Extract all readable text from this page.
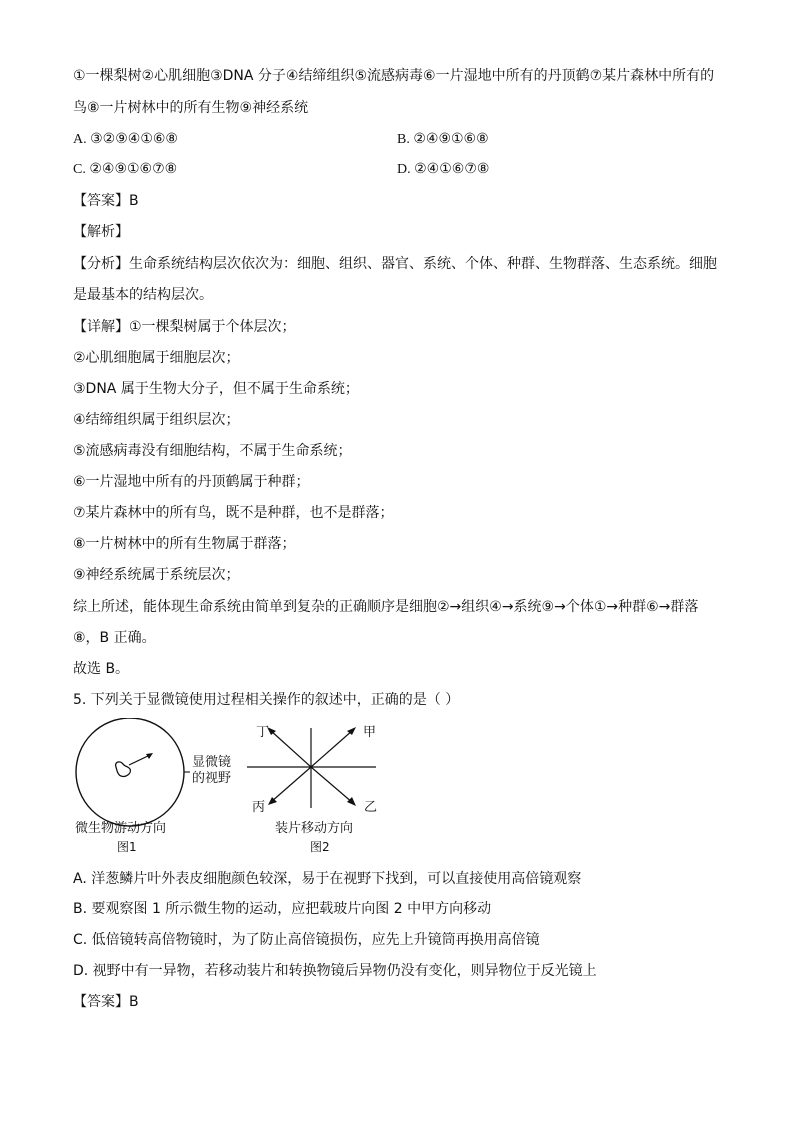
①一棵梨树②心肌细胞③DNA 分子④结缔组织⑤流感病毒⑥一片湿地中所有的丹顶鹤⑦某片森林中所有的
鸟⑧一片树林中的所有生物⑨神经系统
A. ③②⑨④①⑥⑧	B. ②④⑨①⑥⑧
C. ②④⑨①⑥⑦⑧	D. ②④①⑥⑦⑧
【答案】B
【解析】
【分析】生命系统结构层次依次为：细胞、组织、器官、系统、个体、种群、生物群落、生态系统。细胞
是最基本的结构层次。
【详解】①一棵梨树属于个体层次；
②心肌细胞属于细胞层次；
③DNA 属于生物大分子，但不属于生命系统；
④结缔组织属于组织层次；
⑤流感病毒没有细胞结构，不属于生命系统；
⑥一片湿地中所有的丹顶鹤属于种群；
⑦某片森林中的所有鸟，既不是种群，也不是群落；
⑧一片树林中的所有生物属于群落；
⑨神经系统属于系统层次；
综上所述，能体现生命系统由简单到复杂的正确顺序是细胞②→组织④→系统⑨→个体①→种群⑥→群落
⑧，B 正确。
故选 B。
5. 下列关于显微镜使用过程相关操作的叙述中，正确的是（ ）
显微镜
的视野
微生物游动方向
图1
丁	甲
丙	乙
装片移动方向
图2
A. 洋葱鳞片叶外表皮细胞颜色较深，易于在视野下找到，可以直接使用高倍镜观察
B. 要观察图 1 所示微生物的运动，应把载玻片向图 2 中甲方向移动
C. 低倍镜转高倍物镜时，为了防止高倍镜损伤，应先上升镜筒再换用高倍镜
D. 视野中有一异物，若移动装片和转换物镜后异物仍没有变化，则异物位于反光镜上
【答案】B
